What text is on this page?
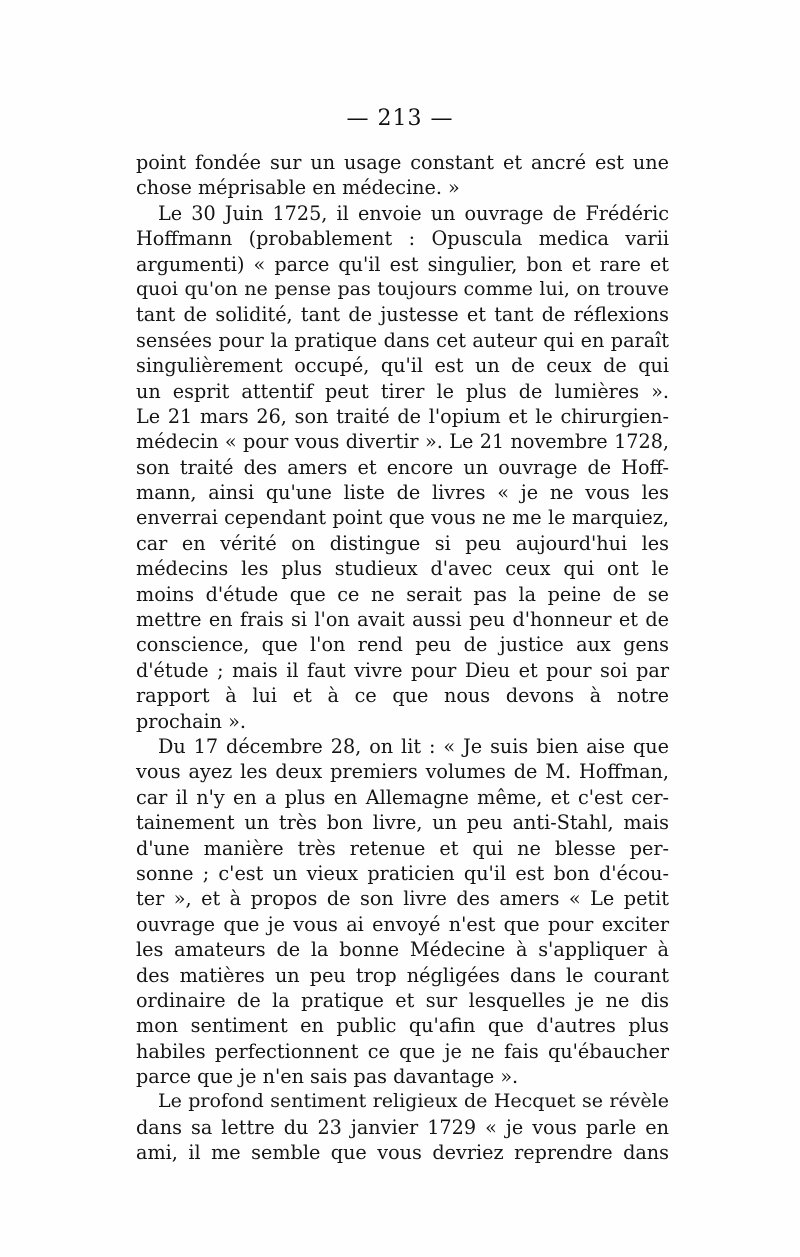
— 213 —
point fondée sur un usage constant et ancré est une
chose méprisable en médecine. »
Le 30 Juin 1725, il envoie un ouvrage de Frédéric
Hoffmann (probablement : Opuscula medica varii
argumenti) « parce qu'il est singulier, bon et rare et
quoi qu'on ne pense pas toujours comme lui, on trouve
tant de solidité, tant de justesse et tant de réflexions
sensées pour la pratique dans cet auteur qui en paraît
singulièrement occupé, qu'il est un de ceux de qui
un esprit attentif peut tirer le plus de lumières ».
Le 21 mars 26, son traité de l'opium et le chirurgien-
médecin « pour vous divertir ». Le 21 novembre 1728,
son traité des amers et encore un ouvrage de Hoff-
mann, ainsi qu'une liste de livres « je ne vous les
enverrai cependant point que vous ne me le marquiez,
car en vérité on distingue si peu aujourd'hui les
médecins les plus studieux d'avec ceux qui ont le
moins d'étude que ce ne serait pas la peine de se
mettre en frais si l'on avait aussi peu d'honneur et de
conscience, que l'on rend peu de justice aux gens
d'étude ; mais il faut vivre pour Dieu et pour soi par
rapport à lui et à ce que nous devons à notre
prochain ».
Du 17 décembre 28, on lit : « Je suis bien aise que
vous ayez les deux premiers volumes de M. Hoffman,
car il n'y en a plus en Allemagne même, et c'est cer-
tainement un très bon livre, un peu anti-Stahl, mais
d'une manière très retenue et qui ne blesse per-
sonne ; c'est un vieux praticien qu'il est bon d'écou-
ter », et à propos de son livre des amers « Le petit
ouvrage que je vous ai envoyé n'est que pour exciter
les amateurs de la bonne Médecine à s'appliquer à
des matières un peu trop négligées dans le courant
ordinaire de la pratique et sur lesquelles je ne dis
mon sentiment en public qu'afin que d'autres plus
habiles perfectionnent ce que je ne fais qu'ébaucher
parce que je n'en sais pas davantage ».
Le profond sentiment religieux de Hecquet se révèle
dans sa lettre du 23 janvier 1729 « je vous parle en
ami, il me semble que vous devriez reprendre dans
